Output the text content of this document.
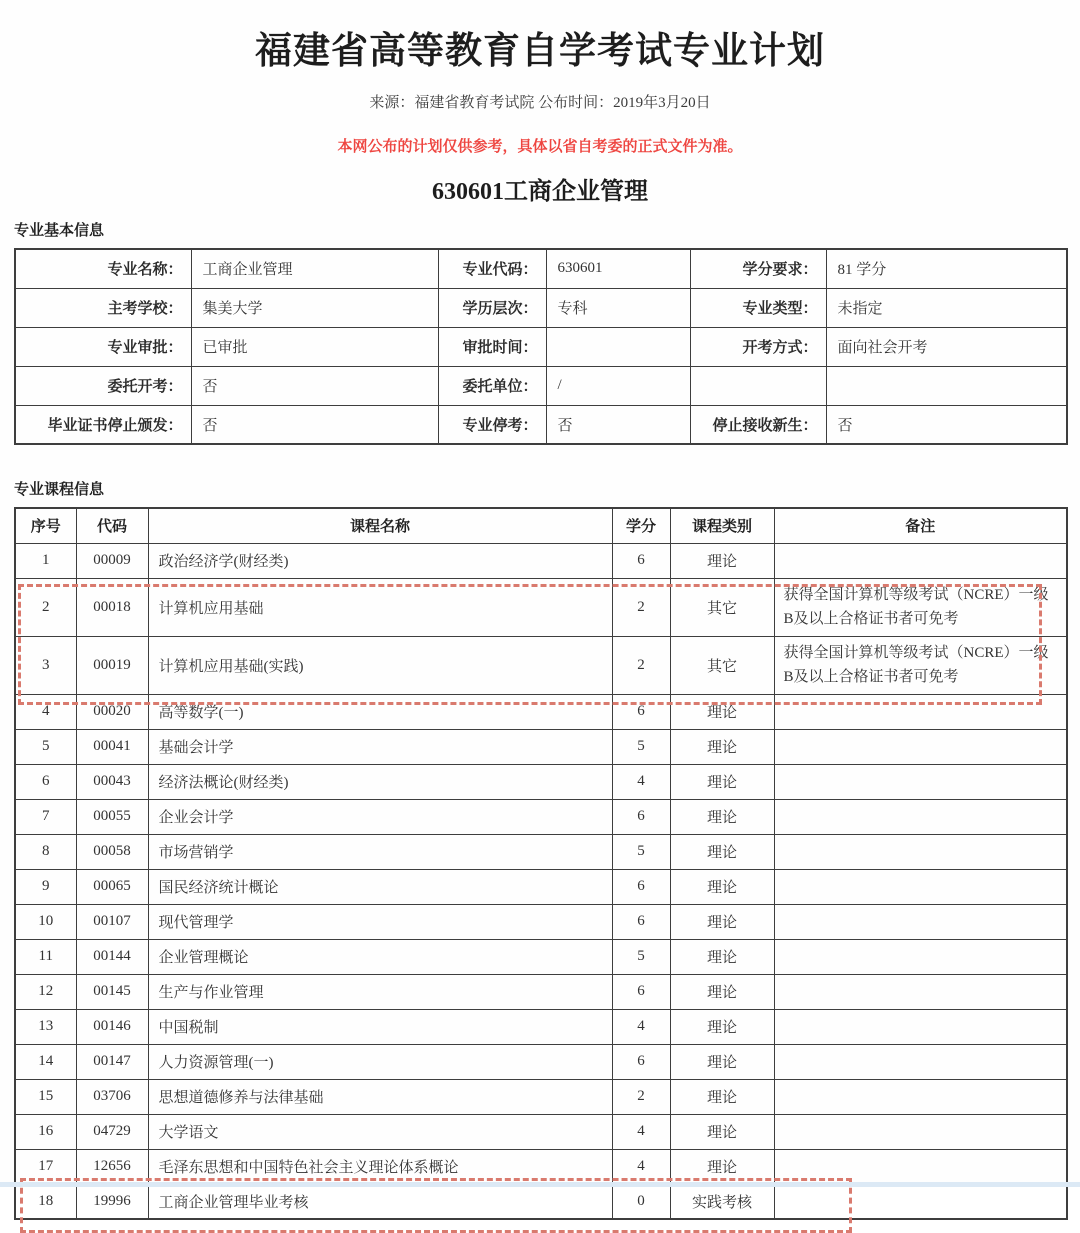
福建省高等教育自学考试专业计划
来源：福建省教育考试院 公布时间：2019年3月20日
本网公布的计划仅供参考，具体以省自考委的正式文件为准。
630601工商企业管理
专业基本信息
专业名称：	工商企业管理	专业代码：	630601	学分要求：	81 学分
主考学校：	集美大学	学历层次：	专科	专业类型：	未指定
专业审批：	已审批	审批时间：		开考方式：	面向社会开考
委托开考：	否	委托单位：	/		
毕业证书停止颁发：	否	专业停考：	否	停止接收新生：	否
专业课程信息
序号	代码	课程名称	学分	课程类别	备注
1	00009	政治经济学(财经类)	6	理论	
2	00018	计算机应用基础	2	其它	获得全国计算机等级考试（NCRE）一级B及以上合格证书者可免考
3	00019	计算机应用基础(实践)	2	其它	获得全国计算机等级考试（NCRE）一级B及以上合格证书者可免考
4	00020	高等数学(一)	6	理论	
5	00041	基础会计学	5	理论	
6	00043	经济法概论(财经类)	4	理论	
7	00055	企业会计学	6	理论	
8	00058	市场营销学	5	理论	
9	00065	国民经济统计概论	6	理论	
10	00107	现代管理学	6	理论	
11	00144	企业管理概论	5	理论	
12	00145	生产与作业管理	6	理论	
13	00146	中国税制	4	理论	
14	00147	人力资源管理(一)	6	理论	
15	03706	思想道德修养与法律基础	2	理论	
16	04729	大学语文	4	理论	
17	12656	毛泽东思想和中国特色社会主义理论体系概论	4	理论	
18	19996	工商企业管理毕业考核	0	实践考核	
